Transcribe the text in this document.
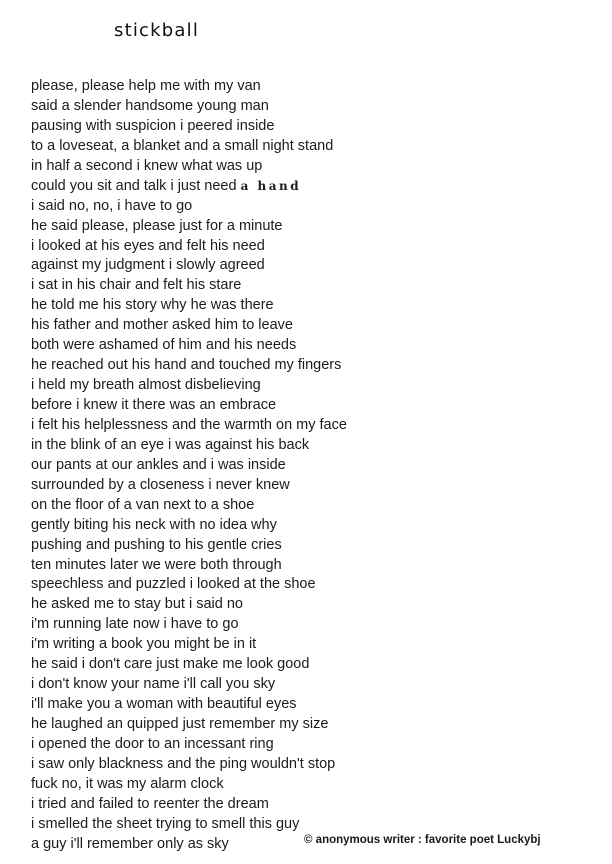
stickball
please, please help me with my van
said a slender handsome young man
pausing with suspicion i peered inside
to a loveseat, a blanket and a small night stand
in half a second i knew what was up
could you sit and talk i just need a hand
i said no, no, i have to go
he said please, please just for a minute
i looked at his eyes and felt his need
against my judgment i slowly agreed
i sat in his chair and felt his stare
he told me his story why he was there
his father and mother asked him to leave
both were ashamed of him and his needs
he reached out his hand and touched my fingers
i held my breath almost disbelieving
before i knew it there was an embrace
i felt his helplessness and the warmth on my face
in the blink of an eye i was against his back
our pants at our ankles and i was inside
surrounded by a closeness i never knew
on the floor of a van next to a shoe
gently biting his neck with no idea why
pushing and pushing to his gentle cries
ten minutes later we were both through
speechless and puzzled i looked at the shoe
he asked me to stay but i said no
i'm running late now i have to go
i'm writing a book you might be in it
he said i don't care just make me look good
i don't know your name i'll call you sky
i'll make you a woman with beautiful eyes
he laughed an quipped just remember my size
i opened the door to an incessant ring
i saw only blackness and the ping wouldn't stop
fuck no, it was my alarm clock
i tried and failed to reenter the dream
i smelled the sheet trying to smell this guy
a guy i'll remember only as sky	© anonymous writer : favorite poet Luckybj
